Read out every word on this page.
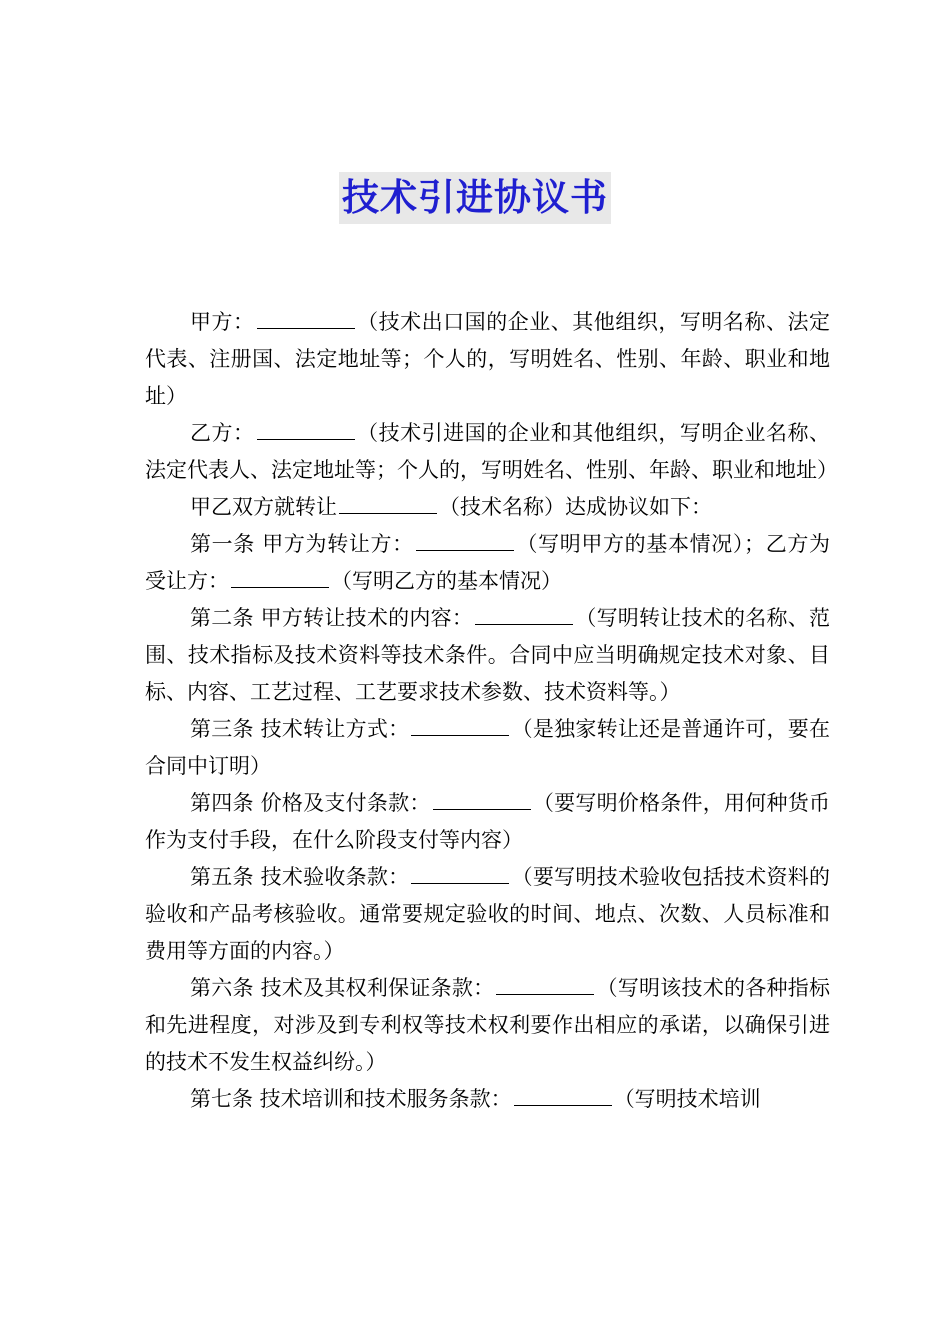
技术引进协议书

甲方：	（技术出口国的企业、其他组织，写明名称、法定代表、注册国、法定地址等；个人的，写明姓名、性别、年龄、职业和地址）

乙方：	（技术引进国的企业和其他组织，写明企业名称、法定代表人、法定地址等；个人的，写明姓名、性别、年龄、职业和地址）

甲乙双方就转让	（技术名称）达成协议如下：

第一条 甲方为转让方：	（写明甲方的基本情况）；乙方为受让方：	（写明乙方的基本情况）

第二条 甲方转让技术的内容：	（写明转让技术的名称、范围、技术指标及技术资料等技术条件。合同中应当明确规定技术对象、目标、内容、工艺过程、工艺要求技术参数、技术资料等。）

第三条 技术转让方式：	（是独家转让还是普通许可，要在合同中订明）

第四条 价格及支付条款：	（要写明价格条件，用何种货币作为支付手段，在什么阶段支付等内容）

第五条 技术验收条款：	（要写明技术验收包括技术资料的验收和产品考核验收。通常要规定验收的时间、地点、次数、人员标准和费用等方面的内容。）

第六条 技术及其权利保证条款：	（写明该技术的各种指标和先进程度，对涉及到专利权等技术权利要作出相应的承诺，以确保引进的技术不发生权益纠纷。）

第七条 技术培训和技术服务条款：	（写明技术培训
